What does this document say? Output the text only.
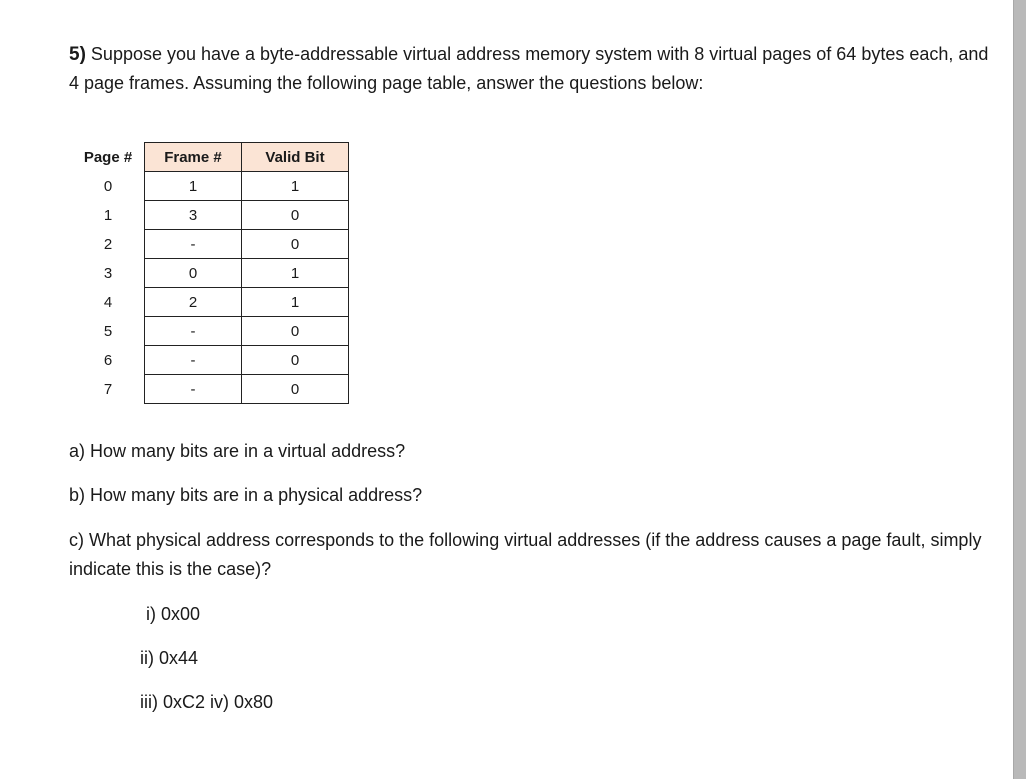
5) Suppose you have a byte-addressable virtual address memory system with 8 virtual pages of 64 bytes each, and 4 page frames. Assuming the following page table, answer the questions below:

Page #	Frame #	Valid Bit
0	1	1
1	3	0
2	-	0
3	0	1
4	2	1
5	-	0
6	-	0
7	-	0

a) How many bits are in a virtual address?

b) How many bits are in a physical address?

c) What physical address corresponds to the following virtual addresses (if the address causes a page fault, simply indicate this is the case)?

i) 0x00

ii) 0x44

iii) 0xC2 iv) 0x80
